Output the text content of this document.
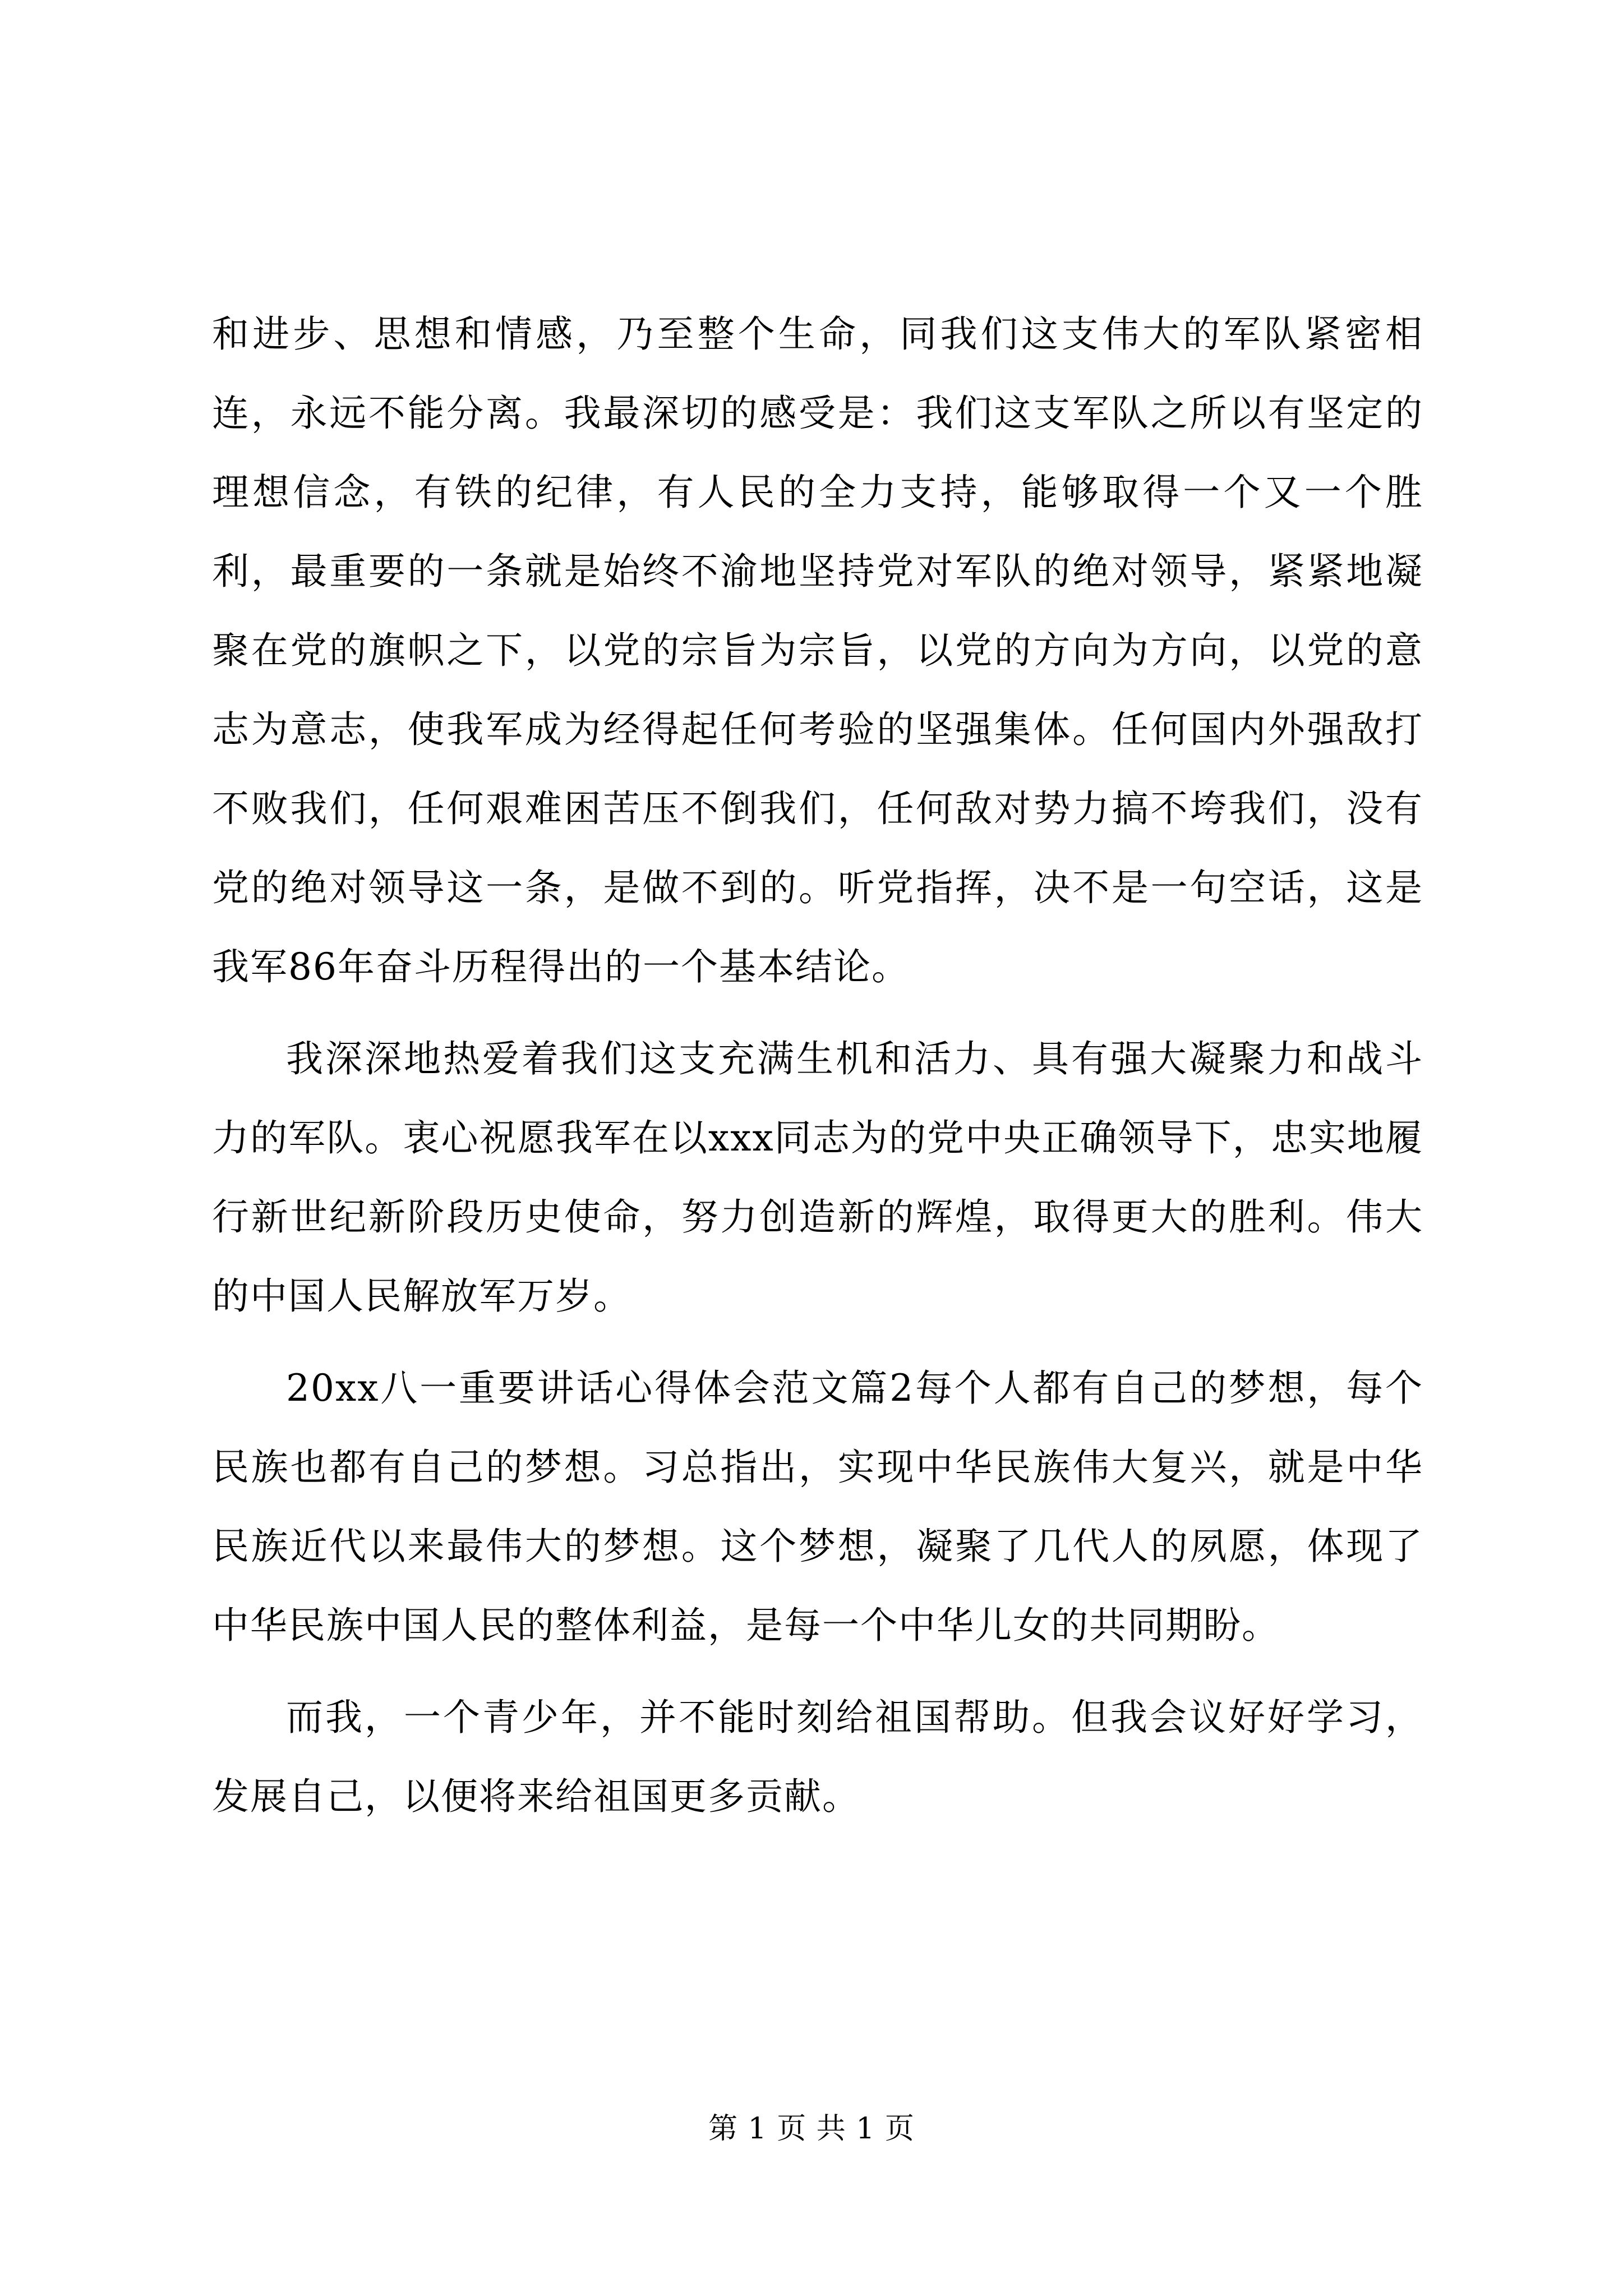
和进步、思想和情感，乃至整个生命，同我们这支伟大的军队紧密相连，永远不能分离。我最深切的感受是：我们这支军队之所以有坚定的理想信念，有铁的纪律，有人民的全力支持，能够取得一个又一个胜利，最重要的一条就是始终不渝地坚持党对军队的绝对领导，紧紧地凝聚在党的旗帜之下，以党的宗旨为宗旨，以党的方向为方向，以党的意志为意志，使我军成为经得起任何考验的坚强集体。任何国内外强敌打不败我们，任何艰难困苦压不倒我们，任何敌对势力搞不垮我们，没有党的绝对领导这一条，是做不到的。听党指挥，决不是一句空话，这是我军86年奋斗历程得出的一个基本结论。

我深深地热爱着我们这支充满生机和活力、具有强大凝聚力和战斗力的军队。衷心祝愿我军在以xxx同志为的党中央正确领导下，忠实地履行新世纪新阶段历史使命，努力创造新的辉煌，取得更大的胜利。伟大的中国人民解放军万岁。

20xx八一重要讲话心得体会范文篇2每个人都有自己的梦想，每个民族也都有自己的梦想。习总指出，实现中华民族伟大复兴，就是中华民族近代以来最伟大的梦想。这个梦想，凝聚了几代人的夙愿，体现了中华民族中国人民的整体利益，是每一个中华儿女的共同期盼。

而我，一个青少年，并不能时刻给祖国帮助。但我会议好好学习，发展自己，以便将来给祖国更多贡献。

第 1 页 共 1 页
